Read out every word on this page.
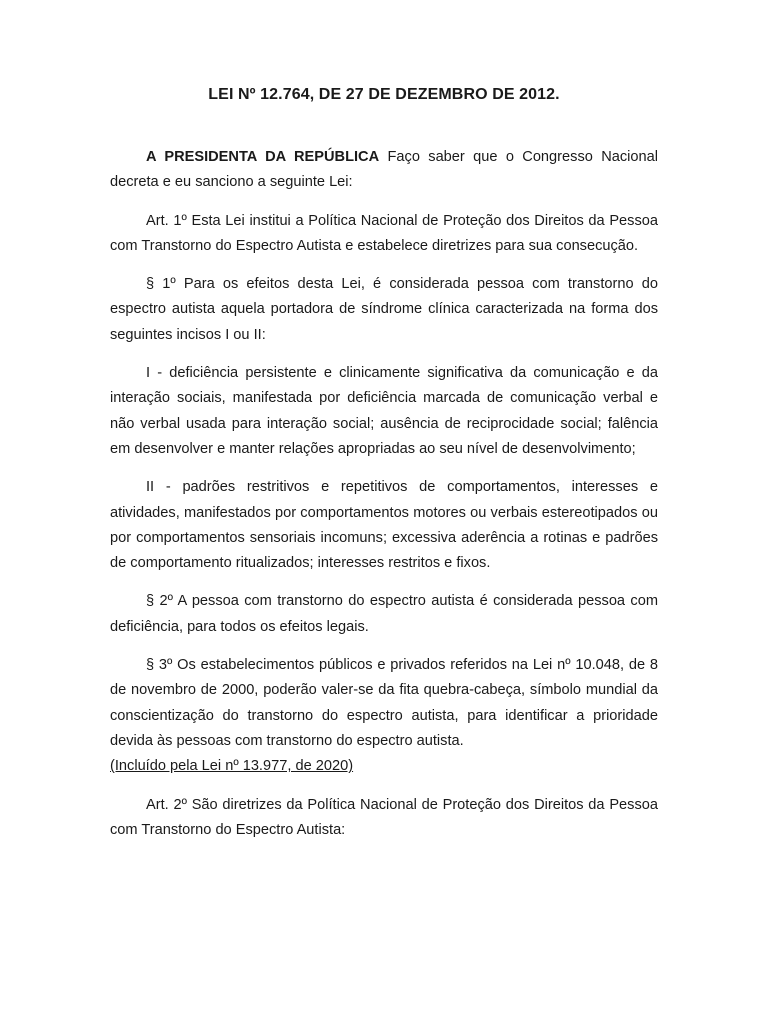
LEI Nº 12.764, DE 27 DE DEZEMBRO DE 2012.

A PRESIDENTA DA REPÚBLICA Faço saber que o Congresso Nacional decreta e eu sanciono a seguinte Lei:

Art. 1º Esta Lei institui a Política Nacional de Proteção dos Direitos da Pessoa com Transtorno do Espectro Autista e estabelece diretrizes para sua consecução.

§ 1º Para os efeitos desta Lei, é considerada pessoa com transtorno do espectro autista aquela portadora de síndrome clínica caracterizada na forma dos seguintes incisos I ou II:

I - deficiência persistente e clinicamente significativa da comunicação e da interação sociais, manifestada por deficiência marcada de comunicação verbal e não verbal usada para interação social; ausência de reciprocidade social; falência em desenvolver e manter relações apropriadas ao seu nível de desenvolvimento;

II - padrões restritivos e repetitivos de comportamentos, interesses e atividades, manifestados por comportamentos motores ou verbais estereotipados ou por comportamentos sensoriais incomuns; excessiva aderência a rotinas e padrões de comportamento ritualizados; interesses restritos e fixos.

§ 2º A pessoa com transtorno do espectro autista é considerada pessoa com deficiência, para todos os efeitos legais.

§ 3º Os estabelecimentos públicos e privados referidos na Lei nº 10.048, de 8 de novembro de 2000, poderão valer-se da fita quebra-cabeça, símbolo mundial da conscientização do transtorno do espectro autista, para identificar a prioridade devida às pessoas com transtorno do espectro autista.
(Incluído pela Lei nº 13.977, de 2020)

Art. 2º São diretrizes da Política Nacional de Proteção dos Direitos da Pessoa com Transtorno do Espectro Autista:
